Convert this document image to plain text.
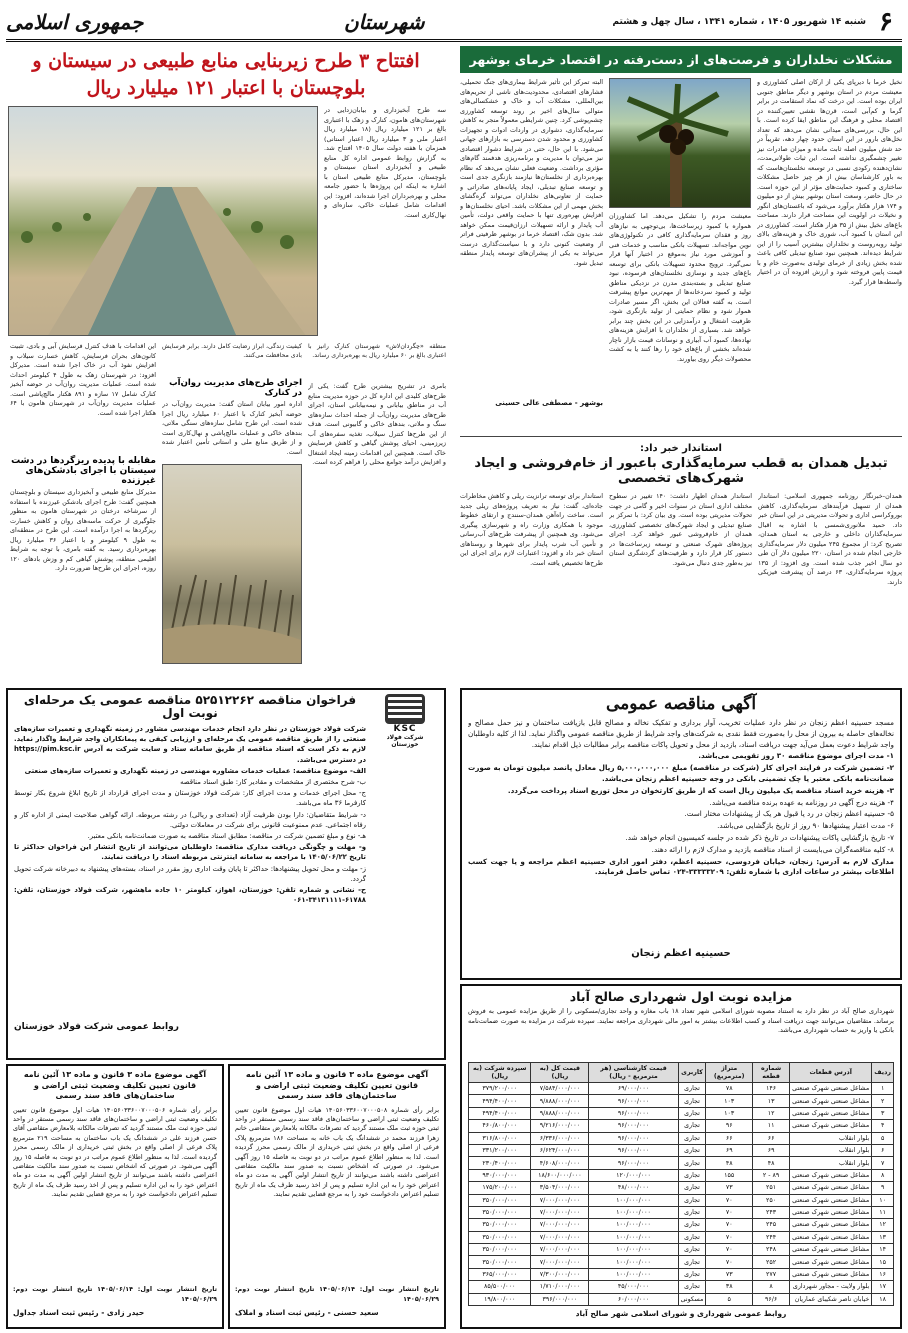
۶
شنبه ۱۴ شهریور ۱۴۰۵ ، شماره ۱۳۴۱ ، سال چهل و هشتم
شهرستان
جمهوری اسلامی
مشکلات نخلداران و فرصت‌های از دست‌رفته در اقتصاد خرمای بوشهر
نخیل خرما با دیرپای یکی از ارکان اصلی کشاورزی و معیشت مردم در استان بوشهر و دیگر مناطق جنوبی ایران بوده است. این درخت که نماد استقامت در برابر گرما و کم‌آبی است، قرن‌ها نقشی تعیین‌کننده در اقتصاد محلی و فرهنگ این مناطق ایفا کرده است. با این حال، بررسی‌های میدانی نشان می‌دهد که تعداد نخل‌های بارور در این استان حدود چهار دهه، تقریباً در حد شش میلیون اصله ثابت مانده و میزان صادرات نیز تغییر چشمگیری نداشته است. این ثبات طولانی‌مدت، نشان‌دهنده رکودی نسبی در توسعه نخلستان‌هاست که به باور کارشناسان بیش از هر چیز حاصل مشکلات ساختاری و کمبود حمایت‌های مؤثر از این حوزه است. در حال حاضر، وسعت استان بوشهر بیش از دو میلیون و ۱۷۴ هزار هکتار برآورد می‌شود که باغستان‌های انگور و نخیلات در اولویت این مساحت قرار دارند. مساحت باغ‌های نخیل بیش از ۳۵ هزار هکتار است. کشاورزی در این استان با کمبود آب، شوری خاک و هزینه‌های بالای تولید روبه‌روست و نخلداران بیشترین آسیب را از این شرایط دیده‌اند. همچنین نبود صنایع تبدیلی کافی باعث شده بخش زیادی از خرمای تولیدی به‌صورت خام و با قیمت پایین فروخته شود و ارزش افزوده آن در اختیار واسطه‌ها قرار گیرد.
معیشت مردم را تشکیل می‌دهد. اما کشاورزان همواره با کمبود زیرساخت‌ها، بی‌توجهی به نیازهای روز و فقدان سرمایه‌گذاری کافی در تکنولوژی‌های نوین مواجه‌اند. تسهیلات بانکی مناسب و خدمات فنی و آموزشی مورد نیاز به‌موقع در اختیار آنها قرار نمی‌گیرد. ترویج محدود تسهیلات بانکی برای توسعه باغ‌های جدید و نوسازی نخلستان‌های فرسوده، نبود صنایع تبدیلی و بسته‌بندی مدرن در نزدیکی مناطق تولید و کمبود سردخانه‌ها از مهم‌ترین موانع پیشرفت است. به گفته فعالان این بخش، اگر مسیر صادرات هموار شود و نظام حمایتی از تولید بازنگری شود، ظرفیت اشتغال و درآمدزایی در این بخش چند برابر خواهد شد. بسیاری از نخلداران با افزایش هزینه‌های نهاده‌ها، کمبود آب آبیاری و نوسانات قیمت بازار ناچار شده‌اند بخشی از باغ‌های خود را رها کنند یا به کشت محصولات دیگر روی بیاورند.
البته تمرکز این تأثیر شرایط بیماری‌های جنگ تحمیلی، فشارهای اقتصادی، محدودیت‌های ناشی از تحریم‌های بین‌المللی، مشکلات آب و خاک و خشکسالی‌های متوالی سال‌های اخیر بر روند توسعه کشاورزی چشم‌پوشی کرد. چنین شرایطی معمولاً منجر به کاهش سرمایه‌گذاری، دشواری در واردات ادوات و تجهیزات کشاورزی و محدود شدن دسترسی به بازارهای جهانی می‌شود. با این حال، حتی در شرایط دشوار اقتصادی نیز می‌توان با مدیریت و برنامه‌ریزی هدفمند گام‌های مؤثری برداشت. وضعیت فعلی نشان می‌دهد که نظام بهره‌برداری از نخلستان‌ها نیازمند بازنگری جدی است و توسعه صنایع تبدیلی، ایجاد پایانه‌های صادراتی و حمایت از تعاونی‌های نخلداران می‌تواند گره‌گشای بخش مهمی از این مشکلات باشد. احیای نخلستان‌ها و افزایش بهره‌وری تنها با حمایت واقعی دولت، تأمین آب پایدار و ارائه تسهیلات ارزان‌قیمت ممکن خواهد شد. بدون شک، اقتصاد خرما در بوشهر ظرفیتی فراتر از وضعیت کنونی دارد و با سیاست‌گذاری درست می‌تواند به یکی از پیشران‌های توسعه پایدار منطقه تبدیل شود.
بوشهر - مصطفی عالی حسینی
استاندار خبر داد:
تبدیل همدان به قطب سرمایه‌گذاری باعبور از خام‌فروشی و ایجاد شهرک‌های تخصصی
همدان-خبرنگار روزنامه جمهوری اسلامی: استاندار همدان از تسهیل فرآیندهای سرمایه‌گذاری، کاهش بوروکراسی اداری و تحولات مدیریتی در این استان خبر داد. حمید ملانوری‌شمسی با اشاره به اقبال سرمایه‌گذاران داخلی و خارجی به استان همدان، تصریح کرد: از مجموع ۲۴۵ میلیون دلار سرمایه‌گذاری خارجی انجام شده در استان، ۲۲۰ میلیون دلار آن طی دو سال اخیر جذب شده است. وی افزود: از ۱۳۵ پروژه سرمایه‌گذاری، ۶۳ درصد آن پیشرفت فیزیکی دارند.
استاندار همدان اظهار داشت: ۱۴۰ تغییر در سطوح مختلف اداری استان در سنوات اخیر و گامی در جهت تحولات مدیریتی بوده است. وی بیان کرد: با تمرکز بر صنایع تبدیلی و ایجاد شهرک‌های تخصصی کشاورزی، همدان از خام‌فروشی عبور خواهد کرد. اجرای پروژه‌های شهرک صنعتی و توسعه زیرساخت‌ها در دستور کار قرار دارد و ظرفیت‌های گردشگری استان نیز به‌طور جدی دنبال می‌شود.
استاندار برای توسعه ترانزیت ریلی و کاهش مخاطرات جاده‌ای، گفت: نیاز به تعریف پروژه‌های ریلی جدید است. ساخت راه‌آهن همدان-سنندج و ارتقای خطوط موجود با همکاری وزارت راه و شهرسازی پیگیری می‌شود. وی همچنین از پیشرفت طرح‌های آب‌رسانی و تأمین آب شرب پایدار برای شهرها و روستاهای استان خبر داد و افزود: اعتبارات لازم برای اجرای این طرح‌ها تخصیص یافته است.
افتتاح ۳ طرح زیربنایی منابع طبیعی در سیستان و بلوچستان با اعتبار ۱۲۱ میلیارد ریال
سه طرح آبخیزداری و بیابان‌زدایی در شهرستان‌های هامون، کنارک و زهک با اعتباری بالغ بر ۱۲۱ میلیارد ریال (۱۸ میلیارد ریال اعتبار ملی و ۳ میلیارد ریال اعتبار استانی) همزمان با هفته دولت سال ۱۴۰۵ افتتاح شد. به گزارش روابط عمومی اداره کل منابع طبیعی و آبخیزداری استان سیستان و بلوچستان، مدیرکل منابع طبیعی استان با اشاره به اینکه این پروژه‌ها با حضور جامعه محلی و بهره‌برداران اجرا شده‌اند، افزود: این اقدامات شامل عملیات خاکی، سازه‌ای و نهال‌کاری است.
منطقه «چگردان‌لاش» شهرستان کنارک رانیز با اعتباری بالغ بر ۶۰ میلیارد ریال به بهره‌برداری رساند.
بامری در تشریح بیشترین طرح گفت: یکی از طرح‌های کلیدی این اداره کل در حوزه مدیریت منابع آب در مناطق بیابانی و نیمه‌بیابانی استان، اجرای طرح‌های مدیریت روان‌آب از جمله احداث سازه‌های سنگ و ملاتی، بندهای خاکی و گابیونی است. هدف از این طرح‌ها کنترل سیلاب، تغذیه سفره‌های آب زیرزمینی، احیای پوشش گیاهی و کاهش فرسایش خاک است. همچنین این اقدامات زمینه ایجاد اشتغال و افزایش درآمد جوامع محلی را فراهم کرده است.
کیفیت زندگی، ابراز رضایت کامل دارند. برابر فرسایش بادی محافظت می‌کنند.
اجرای طرح‌های مدیریت روان‌آب در کنارک
اداره امور بیابان استان گفت: مدیریت روان‌آب در حوضه آبخیز کنارک با اعتبار ۶۰ میلیارد ریال اجرا شده است. این طرح شامل سازه‌های سنگی ملاتی، بندهای خاکی و عملیات مالچ‌پاشی و نهال‌کاری است و از طریق منابع ملی و استانی تأمین اعتبار شده است.
این اقدامات با هدف کنترل فرسایش آبی و بادی، تثبیت کانون‌های بحران فرسایش، کاهش خسارت سیلاب و افزایش نفوذ آب در خاک اجرا شده است. مدیرکل افزود: در شهرستان زهک به طول ۴ کیلومتر احداث شده است. عملیات مدیریت روان‌آب در حوضه آبخیز کنارک شامل ۱۷ سازه و ۸۹۱ هکتار مالچ‌پاشی است. عملیات مدیریت روان‌آب در شهرستان هامون با ۶۴ هکتار اجرا شده است.
مقابله با پدیده ریزگردها در دشت سیستان با اجرای بادشکن‌های غیرزنده
مدیرکل منابع طبیعی و آبخیزداری سیستان و بلوچستان همچنین گفت: طرح اجرای بادشکن غیرزنده با استفاده از سرشاخه درختان در شهرستان هامون به منظور جلوگیری از حرکت ماسه‌های روان و کاهش خسارت ریزگردها به اجرا درآمده است. این طرح در منطقه‌ای به طول ۹ کیلومتر و با اعتبار ۳۶ میلیارد ریال بهره‌برداری رسید. به گفته بامری، با توجه به شرایط اقلیمی منطقه، پوشش گیاهی کم و وزش بادهای ۱۲۰ روزه، اجرای این طرح‌ها ضرورت دارد.
آگهی مناقصه عمومی

مسجد حسینیه اعظم زنجان در نظر دارد عملیات تخریب، آوار برداری و تفکیک نخاله و مصالح قابل بازیافت ساختمان و نیز حمل مصالح و نخاله‌های حاصله به بیرون از محل را به‌صورت فقط نقدی به شرکت‌های واجد شرایط از طریق مناقصه عمومی واگذار نماید. لذا از کلیه داوطلبان واجد شرایط دعوت بعمل می‌آید جهت دریافت اسناد، بازدید از محل و تحویل پاکات مناقصه برابر مطالبات ذیل اقدام نمایند.

۱- مدت اجرای موضوع مناقصه ۳۰ روز تقویمی می‌باشد.

۲- تضمین شرکت در فرایند اجرای کار (شرکت در مناقصه) مبلغ ۵,۰۰۰,۰۰۰,۰۰۰ ریال معادل پانصد میلیون تومان به صورت ضمانت‌نامه بانکی معتبر یا چک تضمینی بانکی در وجه حسینیه اعظم زنجان می‌باشد.

۳- هزینه خرید اسناد مناقصه یک میلیون ریال است که از طریق کارتخوان در محل توزیع اسناد پرداخت می‌گردد.

۴- هزینه درج آگهی در روزنامه به عهده برنده مناقصه می‌باشد.

۵- حسینیه اعظم زنجان در رد یا قبول هر یک از پیشنهادات مختار است.

۶- مدت اعتبار پیشنهادها ۹۰ روز از تاریخ بازگشایی می‌باشد.

۷- تاریخ بازگشایی پاکات پیشنهادات در تاریخ ذکر شده در جلسه کمیسیون انجام خواهد شد.

۸- کلیه مناقصه‌گران می‌بایست از اسناد مناقصه بازدید و مدارک لازم را ارائه دهند.

مدارک لازم به آدرس: زنجان، خیابان فردوسی، حسینیه اعظم، دفتر امور اداری حسینیه اعظم مراجعه و یا جهت کسب اطلاعات بیشتر در ساعات اداری با شماره تلفن: ۳۳۳۳۳۲۰۹-۰۲۴ تماس حاصل فرمایند.

حسینیه اعظم زنجان
KSC
شرکت فولاد خوزستان
فراخوان مناقصه ۵۲۵۱۲۲۶۲ مناقصه عمومی یک مرحله‌ای نوبت اول

شرکت فولاد خوزستان در نظر دارد انجام خدمات مهندسی مشاور در زمینه نگهداری و تعمیرات سازه‌های صنعتی را از طریق مناقصه عمومی یک مرحله‌ای و ارزیابی کیفی به پیمانکاران واجد شرایط واگذار نماید. لازم به ذکر است که اسناد مناقصه از طریق سامانه ستاد و سایت شرکت به آدرس https://pim.ksc.ir در دسترس می‌باشد.

الف- موضوع مناقصه: عملیات خدمات مشاوره مهندسی در زمینه نگهداری و تعمیرات سازه‌های صنعتی

ب- شرح مختصری از مشخصات و مقادیر کار: طبق اسناد مناقصه

ج- محل اجرای خدمات و مدت اجرای کار: شرکت فولاد خوزستان و مدت اجرای قرارداد از تاریخ ابلاغ شروع بکار توسط کارفرما ۳۶ ماه می‌باشد.

د- شرایط متقاضیان: دارا بودن ظرفیت آزاد (تعدادی و ریالی) در رشته مربوطه. ارائه گواهی صلاحیت ایمنی از اداره کار و رفاه اجتماعی. عدم ممنوعیت قانونی برای شرکت در معاملات دولتی.

هـ- نوع و مبلغ تضمین شرکت در مناقصه: مطابق اسناد مناقصه به صورت ضمانت‌نامه بانکی معتبر.

و- مهلت و چگونگی دریافت مدارک مناقصه: داوطلبان می‌توانند از تاریخ انتشار این فراخوان حداکثر تا تاریخ ۱۴۰۵/۰۶/۲۲ با مراجعه به سامانه اینترنتی مربوطه اسناد را دریافت نمایند.

ز- مهلت و محل تحویل پیشنهادها: حداکثر تا پایان وقت اداری روز مقرر در اسناد، بسته‌های پیشنهاد به دبیرخانه شرکت تحویل گردد.

ح- نشانی و شماره تلفن: خوزستان، اهواز، کیلومتر ۱۰ جاده ماهشهر، شرکت فولاد خوزستان، تلفن: ۶۱۷۸۸-۳۴۱۳۱۱۱۱-۰۶۱

روابط عمومی شرکت فولاد خوزستان
مزایده نوبت اول شهرداری صالح آباد
شهرداری صالح آباد در نظر دارد به استناد مصوبه شورای اسلامی شهر تعداد ۱۸ باب مغازه و واحد تجاری/مسکونی را از طریق مزایده عمومی به فروش برساند. متقاضیان می‌توانند جهت دریافت اسناد و کسب اطلاعات بیشتر به امور مالی شهرداری مراجعه نمایند. سپرده شرکت در مزایده به صورت ضمانت‌نامه بانکی یا واریز به حساب شهرداری می‌باشد.
ردیف	آدرس قطعات	شماره قطعه	متراژ (مترمربع)	کاربری	قیمت کارشناسی (هر مترمربع - ریال)	قیمت کل (به ریال)	سپرده شرکت (به ریال)
۱	مشاغل صنعتی شهرک صنعتی	۱۴۶	۷۸	تجاری	۶۹/۰۰۰/۰۰۰	۷/۵۸۴/۰۰۰/۰۰۰	۳۷۹/۲۰۰/۰۰۰
۲	مشاغل صنعتی شهرک صنعتی	۱۳	۱۰۳	تجاری	۹۶/۰۰۰/۰۰۰	۹/۸۸۸/۰۰۰/۰۰۰	۴۹۴/۴۰۰/۰۰۰
۳	مشاغل صنعتی شهرک صنعتی	۱۲	۱۰۳	تجاری	۹۶/۰۰۰/۰۰۰	۹/۸۸۸/۰۰۰/۰۰۰	۴۹۴/۴۰۰/۰۰۰
۴	مشاغل صنعتی شهرک صنعتی	۱۱	۹۶	تجاری	۹۶/۰۰۰/۰۰۰	۹/۲۱۶/۰۰۰/۰۰۰	۴۶۰/۸۰۰/۰۰۰
۵	بلوار انقلاب	۶۶	۶۶	تجاری	۹۶/۰۰۰/۰۰۰	۶/۳۳۶/۰۰۰/۰۰۰	۳۱۶/۸۰۰/۰۰۰
۶	بلوار انقلاب	۶۹	۶۹	تجاری	۹۶/۰۰۰/۰۰۰	۶/۶۲۴/۰۰۰/۰۰۰	۳۳۱/۲۰۰/۰۰۰
۷	بلوار انقلاب	۴۸	۴۸	تجاری	۹۶/۰۰۰/۰۰۰	۴/۶۰۸/۰۰۰/۰۰۰	۲۳۰/۴۰۰/۰۰۰
۸	مشاغل صنعتی شهرک صنعتی	۸۹ - ۲	۱۵۵	تجاری	۱۲۰/۰۰۰/۰۰۰	۱۸/۶۰۰/۰۰۰/۰۰۰	۹۳۰/۰۰۰/۰۰۰
۹	مشاغل صنعتی شهرک صنعتی	۲۵۱	۷۳	تجاری	۴۸/۰۰۰/۰۰۰	۳/۵۰۴/۰۰۰/۰۰۰	۱۷۵/۲۰۰/۰۰۰
۱۰	مشاغل صنعتی شهرک صنعتی	۲۵۰	۷۰	تجاری	۱۰۰/۰۰۰/۰۰۰	۷/۰۰۰/۰۰۰/۰۰۰	۳۵۰/۰۰۰/۰۰۰
۱۱	مشاغل صنعتی شهرک صنعتی	۲۴۳	۷۰	تجاری	۱۰۰/۰۰۰/۰۰۰	۷/۰۰۰/۰۰۰/۰۰۰	۳۵۰/۰۰۰/۰۰۰
۱۲	مشاغل صنعتی شهرک صنعتی	۲۴۵	۷۰	تجاری	۱۰۰/۰۰۰/۰۰۰	۷/۰۰۰/۰۰۰/۰۰۰	۳۵۰/۰۰۰/۰۰۰
۱۳	مشاغل صنعتی شهرک صنعتی	۲۴۴	۷۰	تجاری	۱۰۰/۰۰۰/۰۰۰	۷/۰۰۰/۰۰۰/۰۰۰	۳۵۰/۰۰۰/۰۰۰
۱۴	مشاغل صنعتی شهرک صنعتی	۲۴۸	۷۰	تجاری	۱۰۰/۰۰۰/۰۰۰	۷/۰۰۰/۰۰۰/۰۰۰	۳۵۰/۰۰۰/۰۰۰
۱۵	مشاغل صنعتی شهرک صنعتی	۲۵۲	۷۰	تجاری	۱۰۰/۰۰۰/۰۰۰	۷/۰۰۰/۰۰۰/۰۰۰	۳۵۰/۰۰۰/۰۰۰
۱۶	مشاغل صنعتی شهرک صنعتی	۲۷۷	۷۳	تجاری	۱۰۰/۰۰۰/۰۰۰	۷/۳۰۰/۰۰۰/۰۰۰	۳۶۵/۰۰۰/۰۰۰
۱۷	بلوار ولایت - مجاور شهرداری	۸	۳۸	تجاری	۴۵/۰۰۰/۰۰۰	۱/۷۱۰/۰۰۰/۰۰۰	۸۵/۵۰۰/۰۰۰
۱۸	خیابان ناصر شکیبای عماریان	۹۶/۶	۵	مسکونی	۶۰/۰۰۰/۰۰۰	۳۹۶/۰۰۰/۰۰۰	۱۹/۸۰۰/۰۰۰
روابط عمومی شهرداری و شورای اسلامی شهر صالح آباد
آگهی موضوع ماده ۳ قانون و ماده ۱۳ آئین نامه قانون تعیین تکلیف وضعیت ثبتی اراضی و ساختمان‌های فاقد سند رسمی
برابر رأی شماره ۱۴۰۵۶۰۳۳۶۰۰۷۰۰۰۵۰۶ هیات اول موضوع قانون تعیین تکلیف وضعیت ثبتی اراضی و ساختمان‌های فاقد سند رسمی مستقر در واحد ثبتی حوزه ثبت ملک مستند گردید که تصرفات مالکانه بلامعارض متقاضی آقای حسن فرزند علی در ششدانگ یک باب ساختمان به مساحت ۲۱۹ مترمربع پلاک فرعی از اصلی واقع در بخش ثبتی خریداری از مالک رسمی محرز گردیده است. لذا به منظور اطلاع عموم مراتب در دو نوبت به فاصله ۱۵ روز آگهی می‌شود. در صورتی که اشخاص نسبت به صدور سند مالکیت متقاضی اعتراضی داشته باشند می‌توانند از تاریخ انتشار اولین آگهی به مدت دو ماه اعتراض خود را به این اداره تسلیم و پس از اخذ رسید ظرف یک ماه از تاریخ تسلیم اعتراض دادخواست خود را به مرجع قضایی تقدیم نمایند.
تاریخ انتشار نوبت اول: ۱۴۰۵/۰۶/۱۴ تاریخ انتشار نوبت دوم: ۱۴۰۵/۰۶/۲۹
حیدر زادی - رئیس ثبت اسناد جداول
آگهی موضوع ماده ۳ قانون و ماده ۱۳ آئین نامه قانون تعیین تکلیف وضعیت ثبتی اراضی و ساختمان‌های فاقد سند رسمی
برابر رأی شماره ۱۴۰۵۶۰۳۳۶۰۰۷۰۰۰۵۰۸ هیات اول موضوع قانون تعیین تکلیف وضعیت ثبتی اراضی و ساختمان‌های فاقد سند رسمی مستقر در واحد ثبتی حوزه ثبت ملک مستند گردید که تصرفات مالکانه بلامعارض متقاضی خانم زهرا فرزند محمد در ششدانگ یک باب خانه به مساحت ۱۸۶ مترمربع پلاک فرعی از اصلی واقع در بخش ثبتی خریداری از مالک رسمی محرز گردیده است. لذا به منظور اطلاع عموم مراتب در دو نوبت به فاصله ۱۵ روز آگهی می‌شود. در صورتی که اشخاص نسبت به صدور سند مالکیت متقاضی اعتراضی داشته باشند می‌توانند از تاریخ انتشار اولین آگهی به مدت دو ماه اعتراض خود را به این اداره تسلیم و پس از اخذ رسید ظرف یک ماه از تاریخ تسلیم اعتراض دادخواست خود را به مرجع قضایی تقدیم نمایند.
تاریخ انتشار نوبت اول: ۱۴۰۵/۰۶/۱۴ تاریخ انتشار نوبت دوم: ۱۴۰۵/۰۶/۲۹
سعید حسنی - رئیس ثبت اسناد و املاک
